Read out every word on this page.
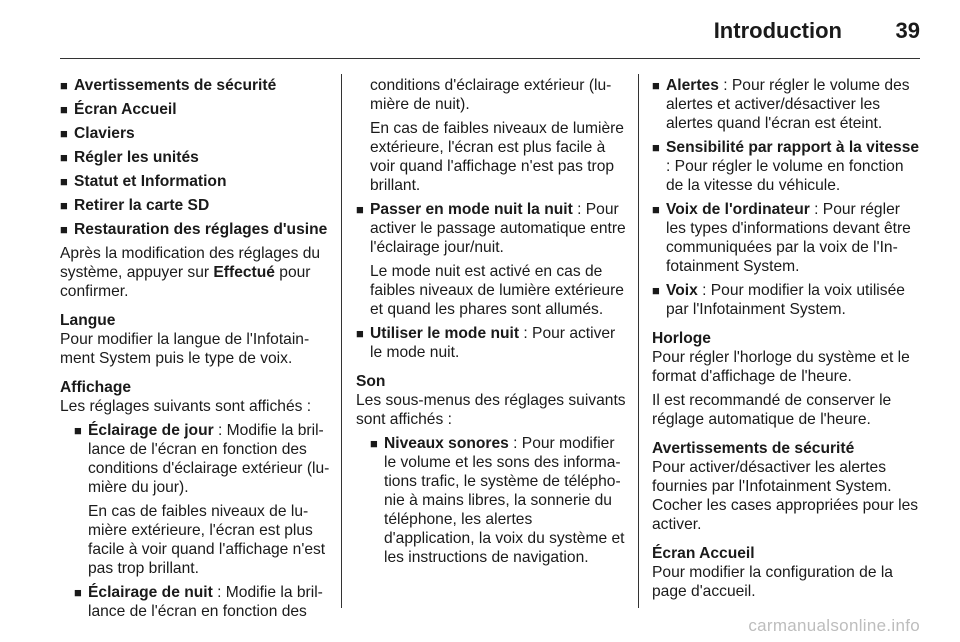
Introduction 39
■ Avertissements de sécurité
■ Écran Accueil
■ Claviers
■ Régler les unités
■ Statut et Information
■ Retirer la carte SD
■ Restauration des réglages d'usine

Après la modification des réglages du système, appuyer sur Effectué pour confirmer.

Langue
Pour modifier la langue de l'Infotainment System puis le type de voix.

Affichage
Les réglages suivants sont affichés :

■ Éclairage de jour : Modifie la brillance de l'écran en fonction des conditions d'éclairage extérieur (lumière du jour).

En cas de faibles niveaux de lumière extérieure, l'écran est plus facile à voir quand l'affichage n'est pas trop brillant.

■ Éclairage de nuit : Modifie la brillance de l'écran en fonction des

conditions d'éclairage extérieur (lumière de nuit).

En cas de faibles niveaux de lumière extérieure, l'écran est plus facile à voir quand l'affichage n'est pas trop brillant.

■ Passer en mode nuit la nuit : Pour activer le passage automatique entre l'éclairage jour/nuit.

Le mode nuit est activé en cas de faibles niveaux de lumière extérieure et quand les phares sont allumés.

■ Utiliser le mode nuit : Pour activer le mode nuit.

Son
Les sous-menus des réglages suivants sont affichés :

■ Niveaux sonores : Pour modifier le volume et les sons des informations trafic, le système de téléphonie à mains libres, la sonnerie du téléphone, les alertes d'application, la voix du système et les instructions de navigation.
■ Alertes : Pour régler le volume des alertes et activer/désactiver les alertes quand l'écran est éteint.
■ Sensibilité par rapport à la vitesse : Pour régler le volume en fonction de la vitesse du véhicule.
■ Voix de l'ordinateur : Pour régler les types d'informations devant être communiquées par la voix de l'Infotainment System.
■ Voix : Pour modifier la voix utilisée par l'Infotainment System.

Horloge
Pour régler l'horloge du système et le format d'affichage de l'heure.

Il est recommandé de conserver le réglage automatique de l'heure.

Avertissements de sécurité
Pour activer/désactiver les alertes fournies par l'Infotainment System. Cocher les cases appropriées pour les activer.

Écran Accueil
Pour modifier la configuration de la page d'accueil.

carmanualsonline.info
